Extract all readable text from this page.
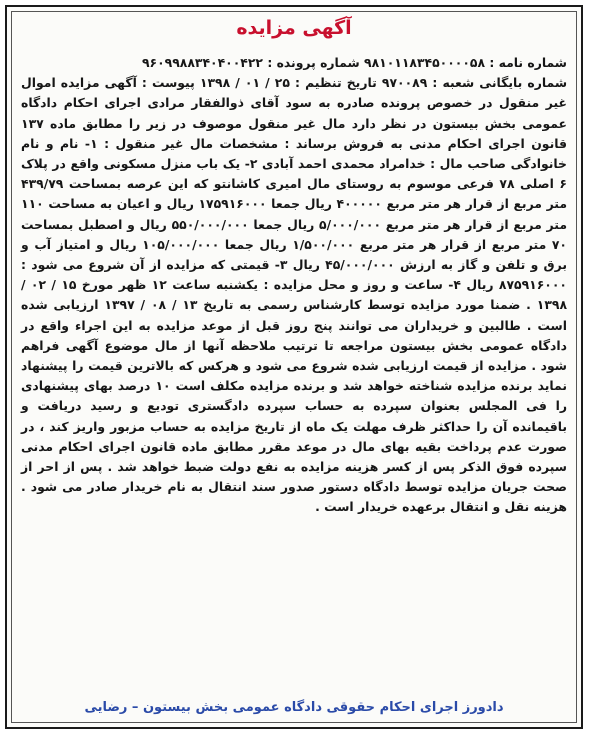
آگهی مزایده

شماره نامه : ۹۸۱۰۱۱۸۳۴۵۰۰۰۰۵۸ شماره پرونده : ۹۶۰۹۹۸۸۳۴۰۴۰۰۴۲۲

شماره بایگانی شعبه : ۹۷۰۰۸۹ تاریخ تنظیم : ۲۵ / ۰۱ / ۱۳۹۸ پیوست : آگهی مزایده اموال غیر منقول در خصوص پرونده صادره به سود آقای ذوالفقار مرادی اجرای احکام دادگاه عمومی بخش بیستون در نظر دارد مال غیر منقول موصوف در زیر را مطابق ماده ۱۳۷ قانون اجرای احکام مدنی به فروش برساند : مشخصات مال غیر منقول : ۱- نام و نام خانوادگی صاحب مال : خدامراد محمدی احمد آبادی ۲- یک باب منزل مسکونی واقع در پلاک ۶ اصلی ۷۸ فرعی موسوم به روستای مال امیری کاشانتو که این عرصه بمساحت ۴۳۹/۷۹ متر مربع از قرار هر متر مربع ۴۰۰۰۰۰ ریال جمعا ۱۷۵۹۱۶۰۰۰ ریال و اعیان به مساحت ۱۱۰ متر مربع از قرار هر متر مربع ۵/۰۰۰/۰۰۰ ریال جمعا ۵۵۰/۰۰۰/۰۰۰ ریال و اصطبل بمساحت ۷۰ متر مربع از قرار هر متر مربع ۱/۵۰۰/۰۰۰ ریال جمعا ۱۰۵/۰۰۰/۰۰۰ ریال و امتیاز آب و برق و تلفن و گاز به ارزش ۴۵/۰۰۰/۰۰۰ ریال ۳- قیمتی که مزایده از آن شروع می شود : ۸۷۵۹۱۶۰۰۰ ریال ۴- ساعت و روز و محل مزایده : یکشنبه ساعت ۱۲ ظهر مورخ ۱۵ / ۰۲ / ۱۳۹۸ . ضمنا مورد مزایده توسط کارشناس رسمی به تاریخ ۱۳ / ۰۸ / ۱۳۹۷ ارزیابی شده است . طالبین و خریداران می توانند پنج روز قبل از موعد مزایده به این اجراء واقع در دادگاه عمومی بخش بیستون مراجعه تا ترتیب ملاحظه آنها از مال موضوع آگهی فراهم شود . مزایده از قیمت ارزیابی شده شروع می شود و هرکس که بالاترین قیمت را پیشنهاد نماید برنده مزایده شناخته خواهد شد و برنده مزایده مکلف است ۱۰ درصد بهای پیشنهادی را فی المجلس بعنوان سپرده به حساب سپرده دادگستری تودیع و رسید دریافت و باقیمانده آن را حداکثر ظرف مهلت یک ماه از تاریخ مزایده به حساب مزبور واریز کند ، در صورت عدم پرداخت بقیه بهای مال در موعد مقرر مطابق ماده قانون اجرای احکام مدنی سپرده فوق الذکر پس از کسر هزینه مزایده به نفع دولت ضبط خواهد شد . پس از احر از صحت جریان مزایده توسط دادگاه دستور صدور سند انتقال به نام خریدار صادر می شود . هزینه نقل و انتقال برعهده خریدار است .

دادورز اجرای احکام حقوقی دادگاه عمومی بخش بیستون – رضایی
